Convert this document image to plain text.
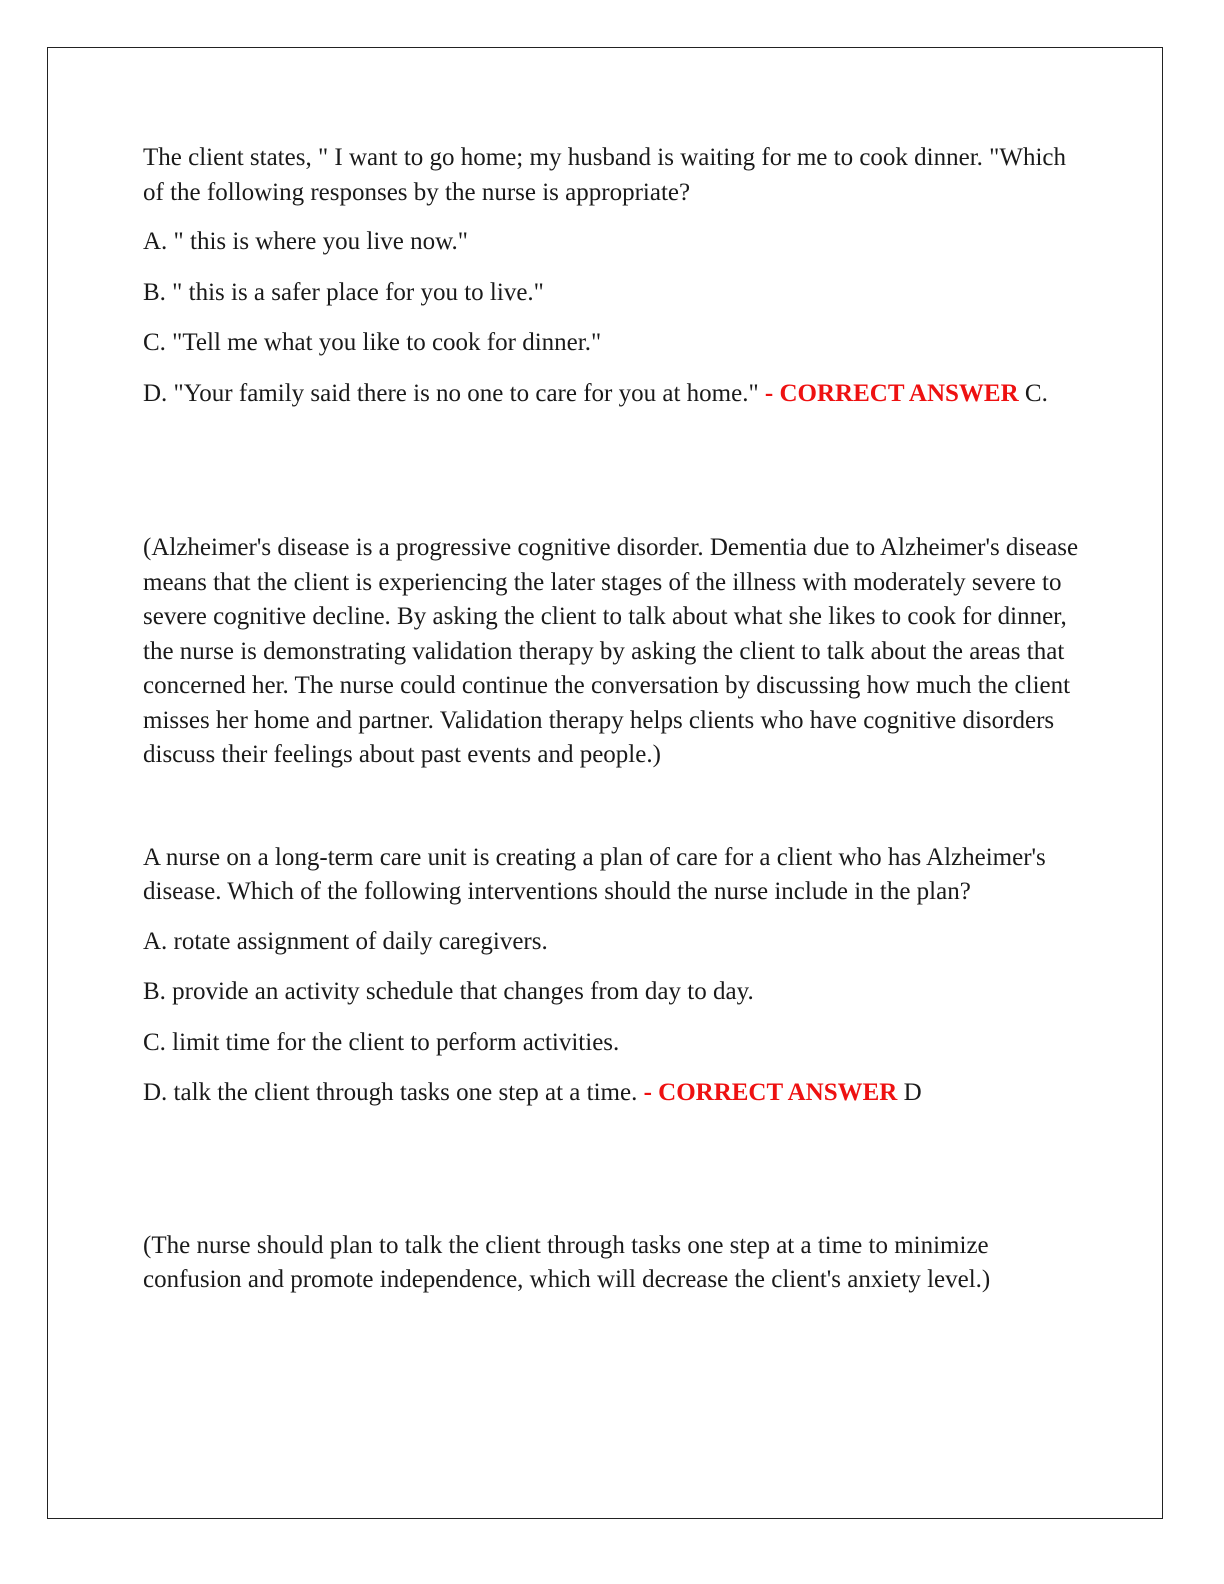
The client states, " I want to go home; my husband is waiting for me to cook dinner. "Which of the following responses by the nurse is appropriate?

A. " this is where you live now."

B. " this is a safer place for you to live."

C. "Tell me what you like to cook for dinner."

D. "Your family said there is no one to care for you at home." - CORRECT ANSWER C.

(Alzheimer's disease is a progressive cognitive disorder. Dementia due to Alzheimer's disease means that the client is experiencing the later stages of the illness with moderately severe to severe cognitive decline. By asking the client to talk about what she likes to cook for dinner, the nurse is demonstrating validation therapy by asking the client to talk about the areas that concerned her. The nurse could continue the conversation by discussing how much the client misses her home and partner. Validation therapy helps clients who have cognitive disorders discuss their feelings about past events and people.)

A nurse on a long-term care unit is creating a plan of care for a client who has Alzheimer's disease. Which of the following interventions should the nurse include in the plan?

A. rotate assignment of daily caregivers.

B. provide an activity schedule that changes from day to day.

C. limit time for the client to perform activities.

D. talk the client through tasks one step at a time. - CORRECT ANSWER D

(The nurse should plan to talk the client through tasks one step at a time to minimize confusion and promote independence, which will decrease the client's anxiety level.)
